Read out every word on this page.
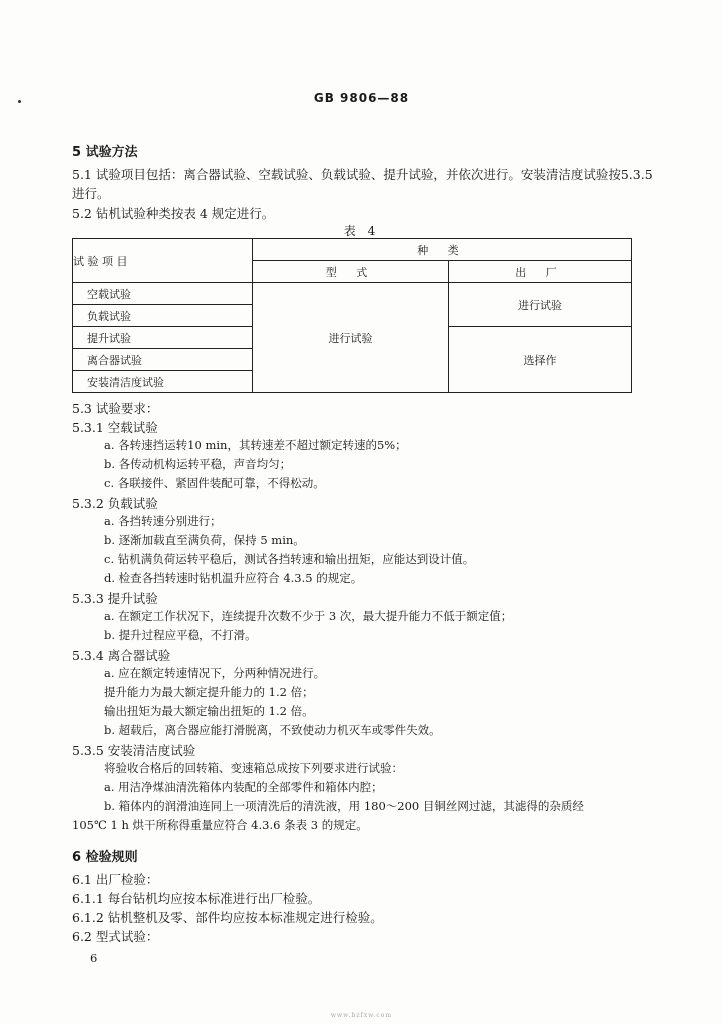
GB 9806—88
5 试验方法
5.1 试验项目包括：离合器试验、空载试验、负载试验、提升试验，并依次进行。安装清洁度试验按5.3.5
进行。
5.2 钻机试验种类按表 4 规定进行。
表 4
试 验 项 目	种 类	
	型 式	出 厂
空载试验	进行试验	进行试验
负载试验		
提升试验		选择作
离合器试验		
安装清洁度试验		
5.3 试验要求：
5.3.1 空载试验
a. 各转速挡运转10 min，其转速差不超过额定转速的5%；
b. 各传动机构运转平稳，声音均匀；
c. 各联接件、紧固件装配可靠，不得松动。
5.3.2 负载试验
a. 各挡转速分别进行；
b. 逐渐加载直至满负荷，保持 5 min。
c. 钻机满负荷运转平稳后，测试各挡转速和输出扭矩，应能达到设计值。
d. 检查各挡转速时钻机温升应符合 4.3.5 的规定。
5.3.3 提升试验
a. 在额定工作状况下，连续提升次数不少于 3 次，最大提升能力不低于额定值；
b. 提升过程应平稳，不打滑。
5.3.4 离合器试验
a. 应在额定转速情况下，分两种情况进行。
提升能力为最大额定提升能力的 1.2 倍；
输出扭矩为最大额定输出扭矩的 1.2 倍。
b. 超载后，离合器应能打滑脱离，不致使动力机灭车或零件失效。
5.3.5 安装清洁度试验
将验收合格后的回转箱、变速箱总成按下列要求进行试验：
a. 用洁净煤油清洗箱体内装配的全部零件和箱体内腔；
b. 箱体内的润滑油连同上一项清洗后的清洗液，用 180～200 目铜丝网过滤，其滤得的杂质经
105℃ 1 h 烘干所称得重量应符合 4.3.6 条表 3 的规定。
6 检验规则
6.1 出厂检验：
6.1.1 每台钻机均应按本标准进行出厂检验。
6.1.2 钻机整机及零、部件均应按本标准规定进行检验。
6.2 型式试验：
6
www.bzfxw.com
